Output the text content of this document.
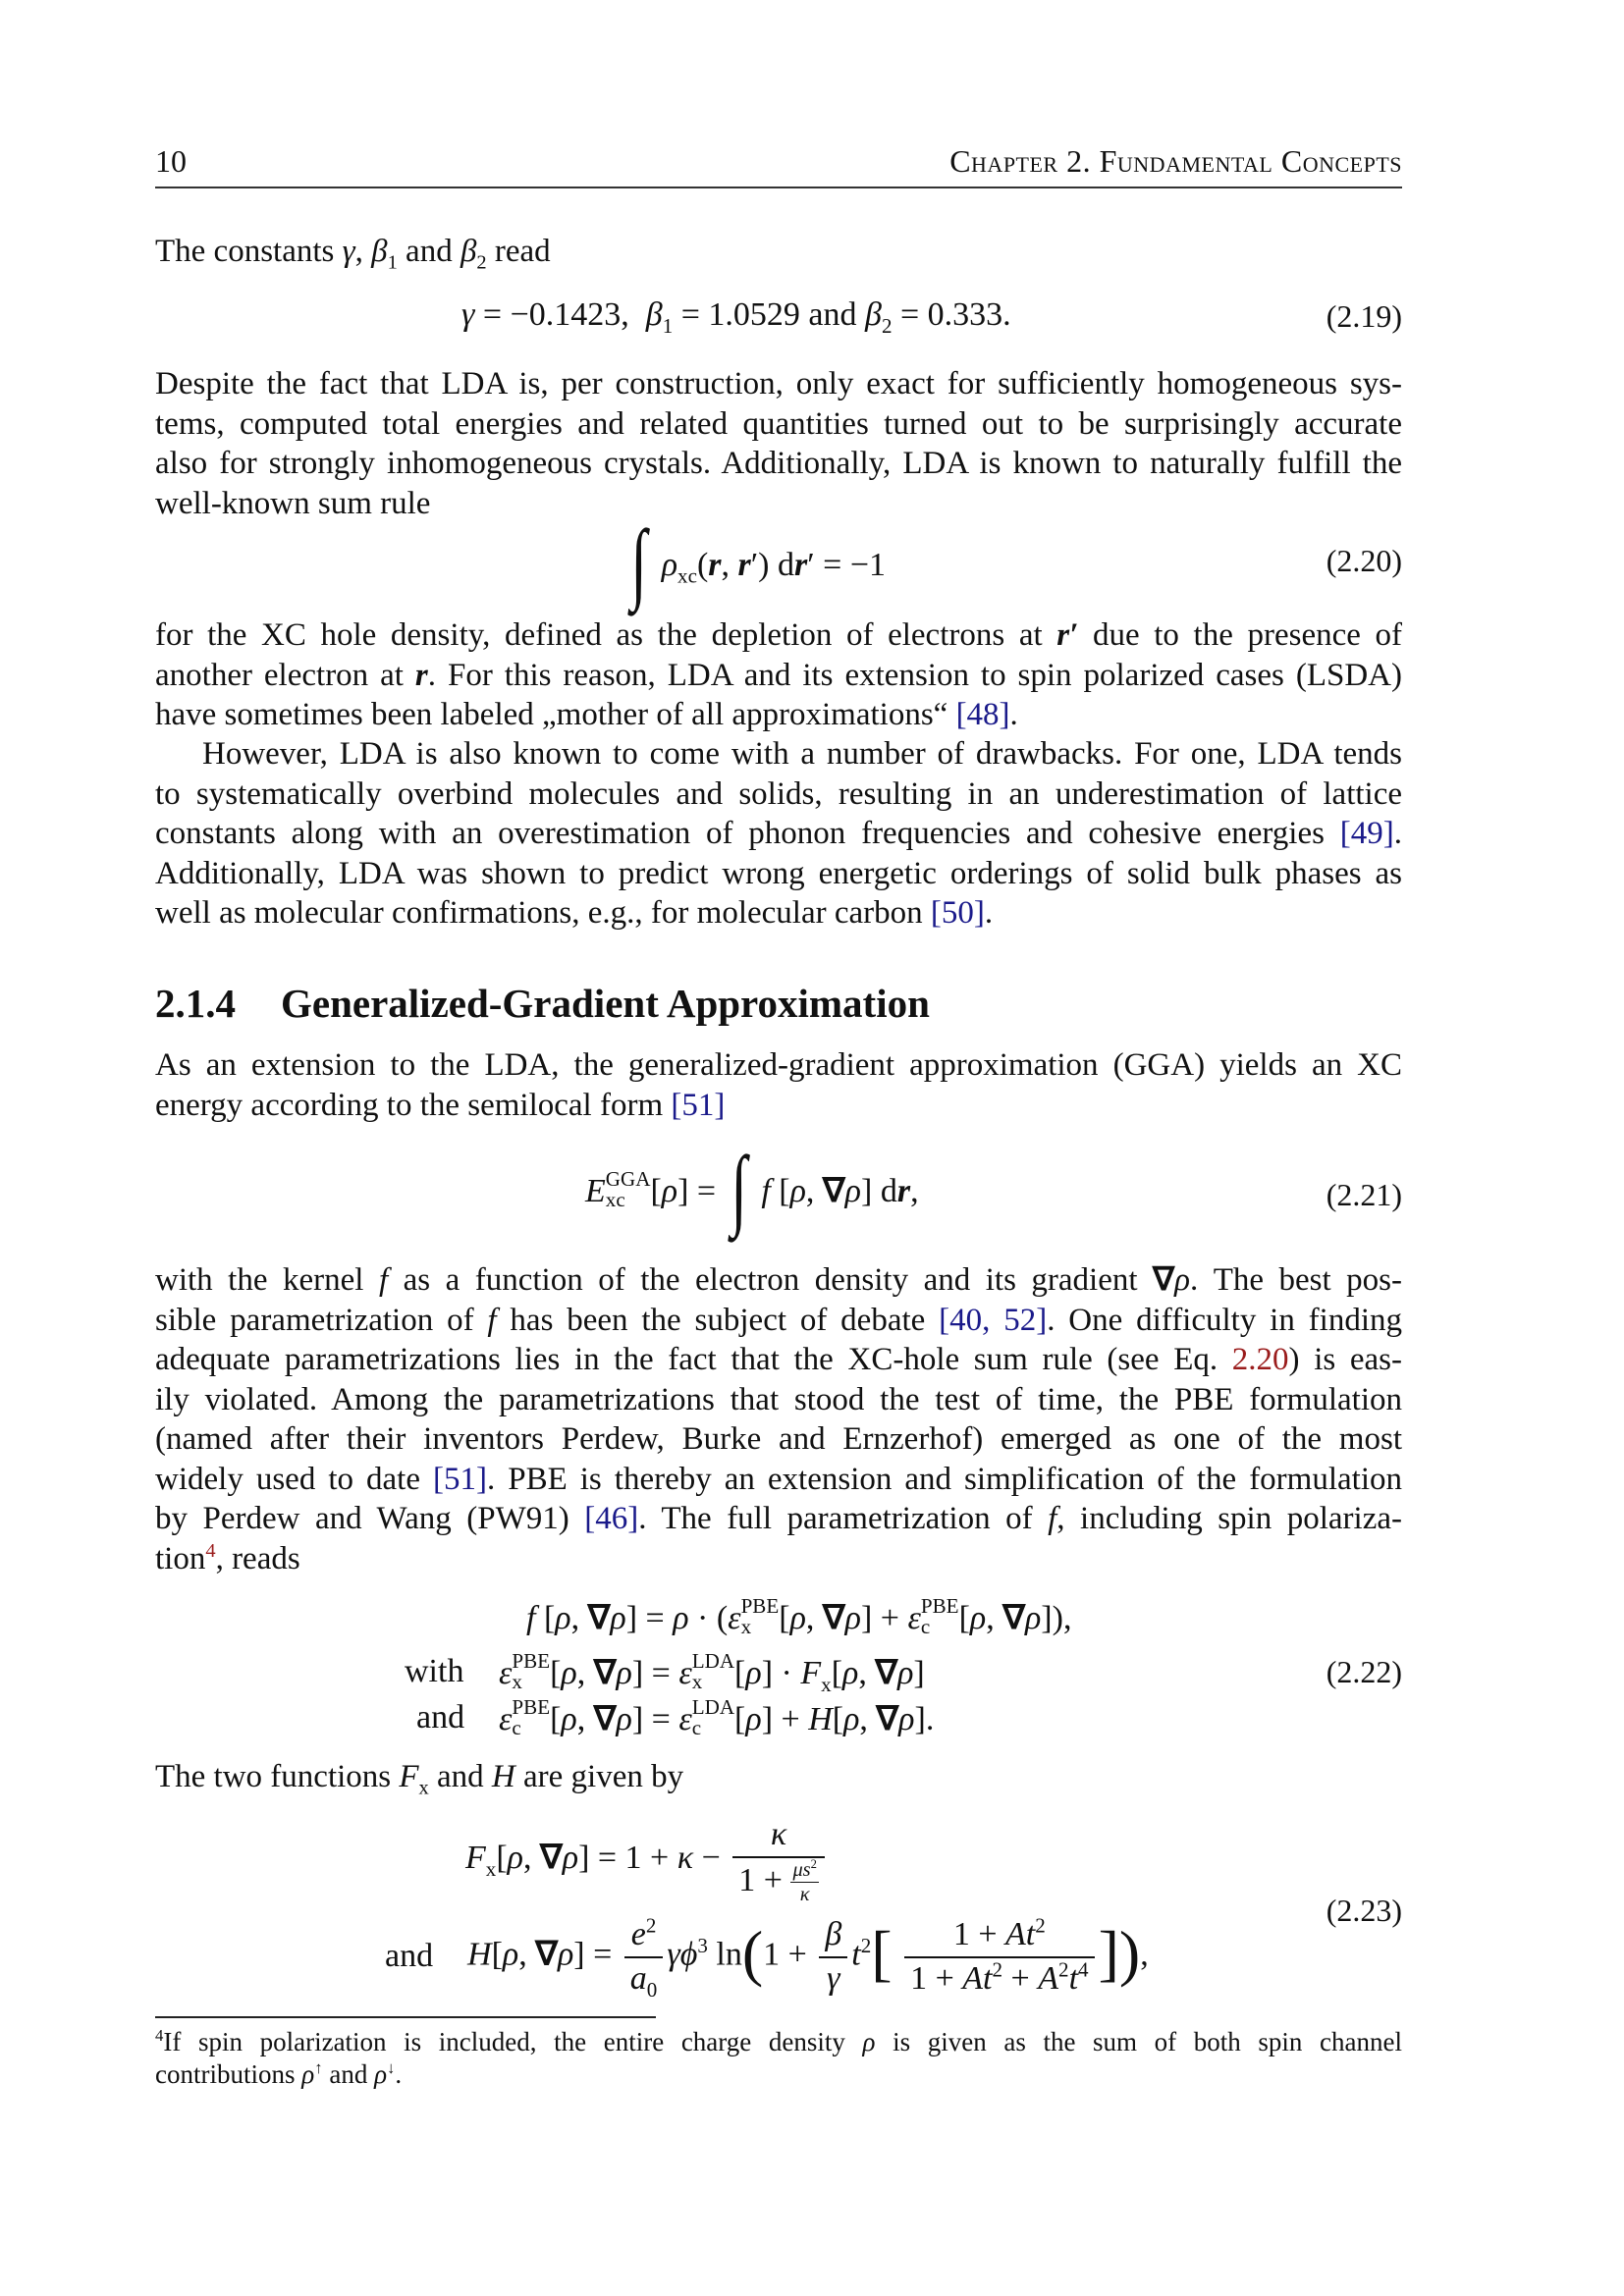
10	Chapter 2. Fundamental Concepts
The constants γ, $\beta_1$ and $\beta_2$ read
γ = −0.1423,  $\beta_1 = 1.0529$ and $\beta_2 = 0.333$.	(2.19)
Despite the fact that LDA is, per construction, only exact for sufficiently homogeneous sys-
tems, computed total energies and related quantities turned out to be surprisingly accurate
also for strongly inhomogeneous crystals. Additionally, LDA is known to naturally fulfill the
well-known sum rule
∫ $\rho_{xc}(r$, r′) dr′ = −1	(2.20)
for the XC hole density, defined as the depletion of electrons at r′ due to the presence of
another electron at r. For this reason, LDA and its extension to spin polarized cases (LSDA)
have sometimes been labeled „mother of all approximations“ [48].
However, LDA is also known to come with a number of drawbacks. For one, LDA tends
to systematically overbind molecules and solids, resulting in an underestimation of lattice
constants along with an overestimation of phonon frequencies and cohesive energies [49].
Additionally, LDA was shown to predict wrong energetic orderings of solid bulk phases as
well as molecular confirmations, e.g., for molecular carbon [50].
2.1.4 Generalized-Gradient Approximation
As an extension to the LDA, the generalized-gradient approximation (GGA) yields an XC
energy according to the semilocal form [51]
E GGA
xc [ρ] = ∫ f [ρ, ∇ρ] dr,	(2.21)
with the kernel f as a function of the electron density and its gradient ∇ρ. The best pos-
sible parametrization of f has been the subject of debate [40, 52]. One difficulty in finding
adequate parametrizations lies in the fact that the XC-hole sum rule (see Eq. 2.20) is eas-
ily violated. Among the parametrizations that stood the test of time, the PBE formulation
(named after their inventors Perdew, Burke and Ernzerhof) emerged as one of the most
widely used to date [51]. PBE is thereby an extension and simplification of the formulation
by Perdew and Wang (PW91) [46]. The full parametrization of f, including spin polariza-
tion$^4$, reads
f [ρ, ∇ρ] = ρ · (ε PBE
x [ρ, ∇ρ] + ε PBE
c [ρ, ∇ρ]),
with ε PBE
x [ρ, ∇ρ] = ε LDA
x $[\rho] \cdot F_x[\rho$, ∇ρ]
and ε PBE
c [ρ, ∇ρ] = ε LDA
c [ρ] + H[ρ, ∇ρ].
(2.22)
The two functions $F_x$ and H are given by
$F_x[\rho$, $\nabla\rho] = 1 + \kappa - \frac{\kappa}{1 + \frac{\mu s^2}{\kappa}}$
and H[ρ, $\nabla\rho] = \frac{e^2}{a_0} \gamma\phi^3$ $\ln(1 + \frac{\beta}{\gamma} t^2[ \frac{1 + At^2}{1 + At^2 + A^2t^4}$ ]),
(2.23)
$^4$If spin polarization is included, the entire charge density ρ is given as the sum of both spin channel
contributions ρ↑ and ρ↓.
